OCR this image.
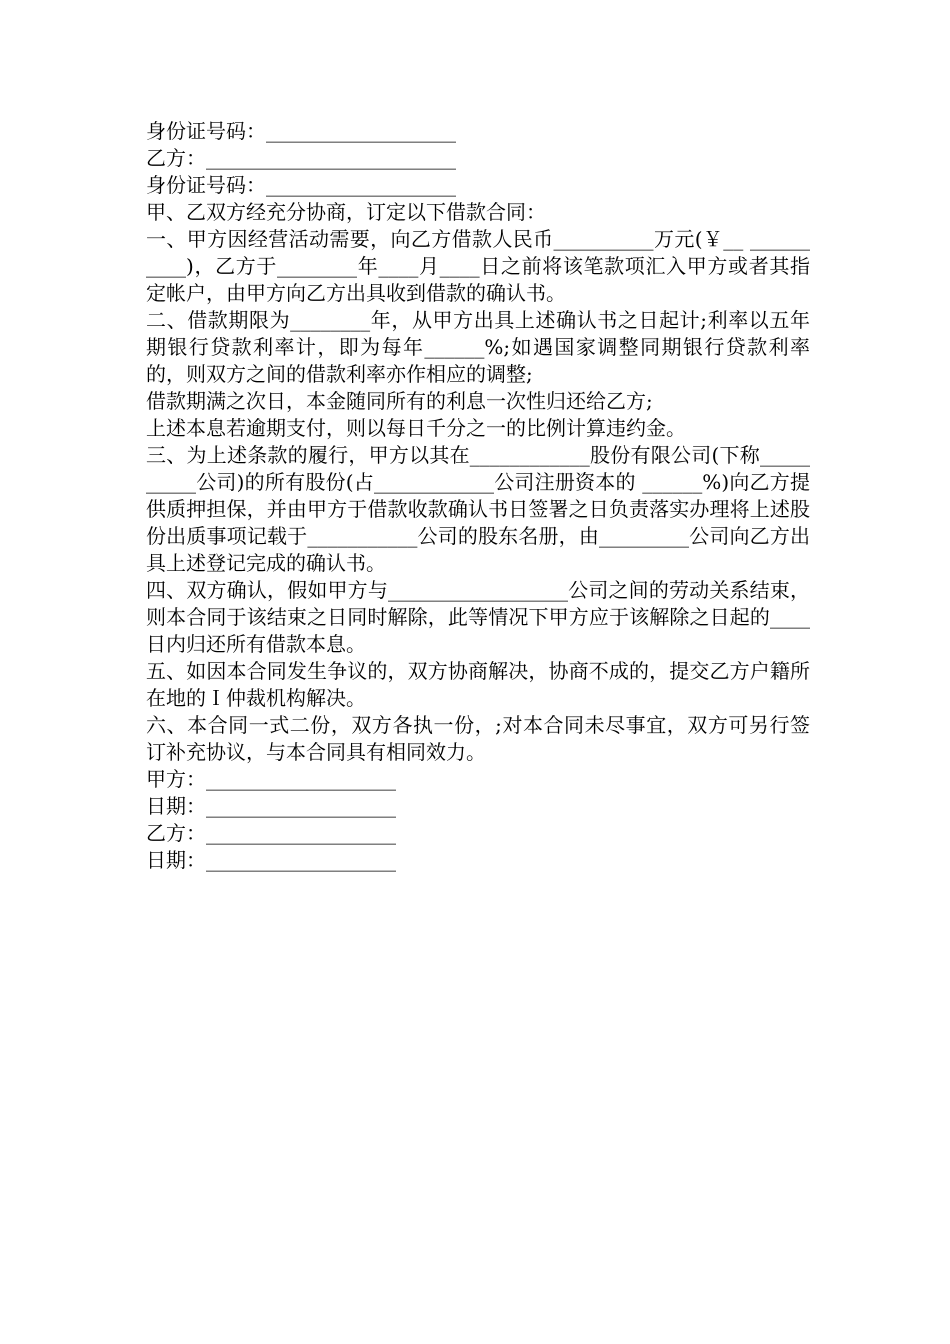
身份证号码：___________________
乙方：_________________________
身份证号码：___________________
甲、乙双方经充分协商，订定以下借款合同：
一、甲方因经营活动需要，向乙方借款人民币__________万元(￥__ __________)，乙方于________年____月____日之前将该笔款项汇入甲方或者其指定帐户，由甲方向乙方出具收到借款的确认书。
二、借款期限为________年，从甲方出具上述确认书之日起计;利率以五年期银行贷款利率计，即为每年______%;如遇国家调整同期银行贷款利率的，则双方之间的借款利率亦作相应的调整;
借款期满之次日，本金随同所有的利息一次性归还给乙方;
上述本息若逾期支付，则以每日千分之一的比例计算违约金。
三、为上述条款的履行，甲方以其在____________股份有限公司(下称__________公司)的所有股份(占____________公司注册资本的 ______%)向乙方提供质押担保，并由甲方于借款收款确认书日签署之日负责落实办理将上述股份出质事项记载于___________公司的股东名册，由_________公司向乙方出具上述登记完成的确认书。
四、双方确认，假如甲方与__________________公司之间的劳动关系结束，则本合同于该结束之日同时解除，此等情况下甲方应于该解除之日起的____日内归还所有借款本息。
五、如因本合同发生争议的，双方协商解决，协商不成的，提交乙方户籍所在地的Ｉ仲裁机构解决。
六、本合同一式二份，双方各执一份，;对本合同未尽事宜，双方可另行签订补充协议，与本合同具有相同效力。
甲方：___________________
日期：___________________
乙方：___________________
日期：___________________
